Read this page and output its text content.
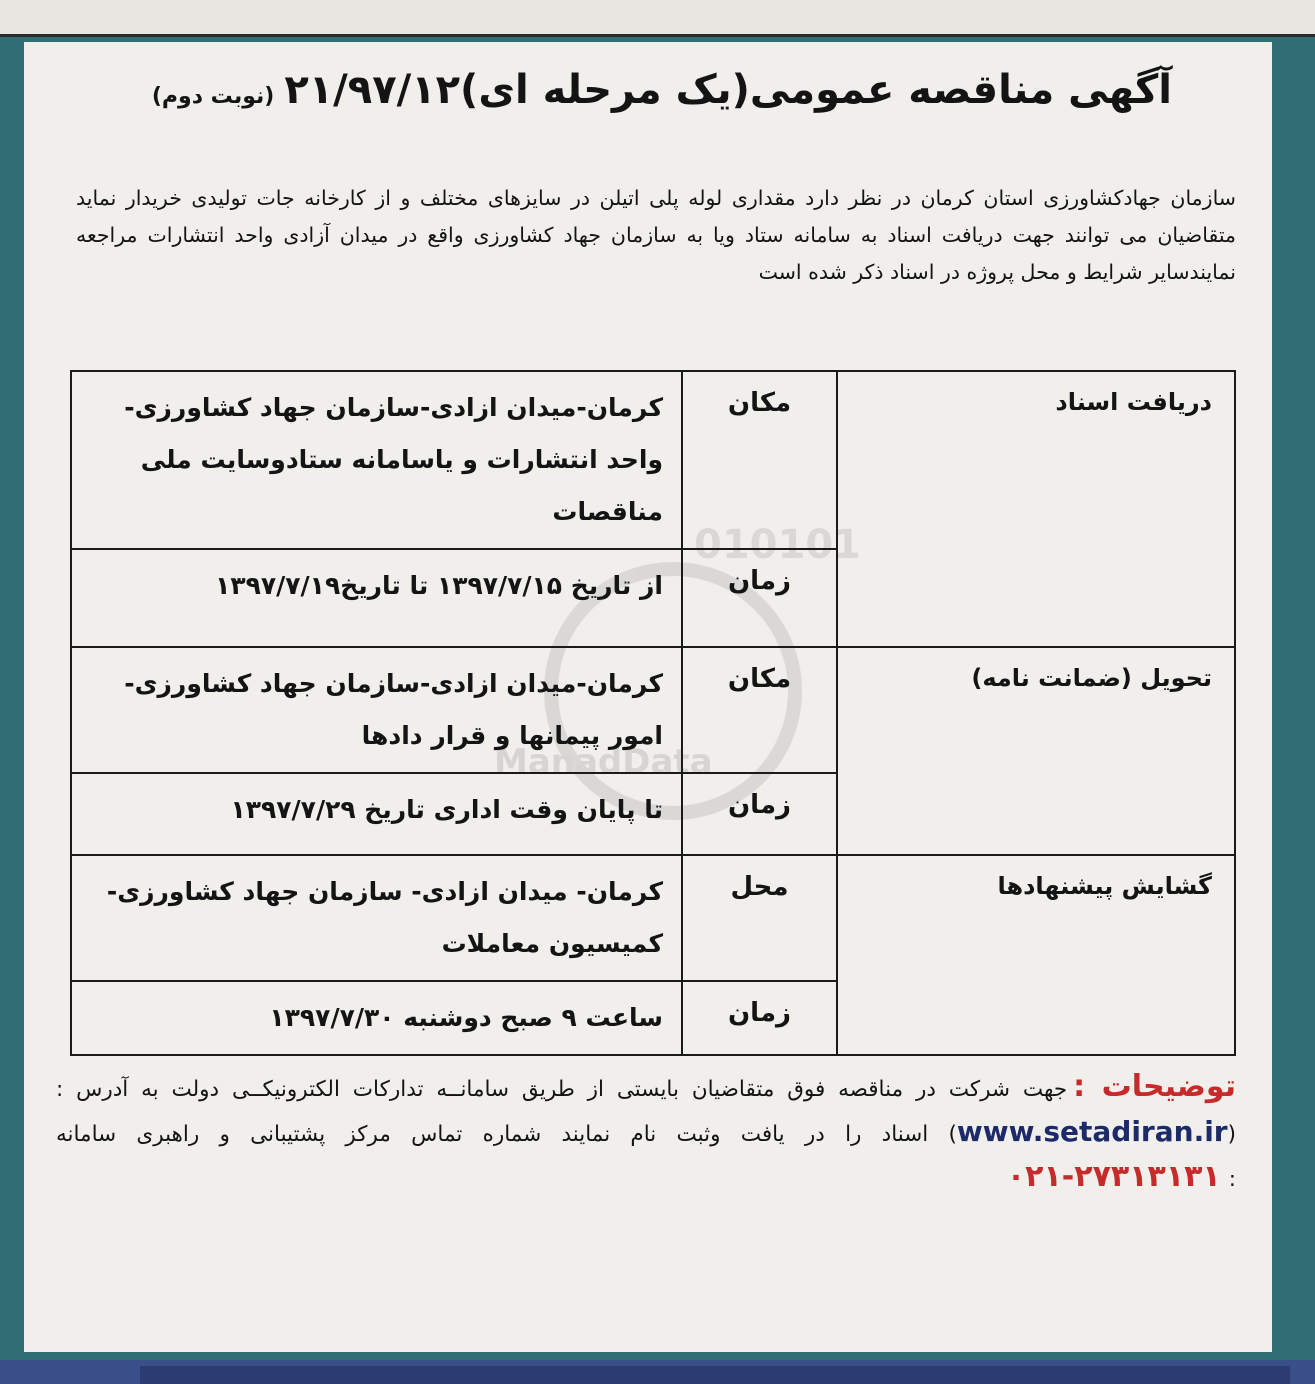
آگهی مناقصه عمومی(یک مرحله ای)۲۱/۹۷/۱۲(نوبت دوم)
سازمان جهادکشاورزی استان کرمان در نظر دارد مقداری لوله پلی اتیلن در سایزهای مختلف و از کارخانه جات تولیدی خریدار نماید متقاضیان می توانند جهت دریافت اسناد به سامانه ستاد ویا به سازمان جهاد کشاورزی واقع در میدان آزادی واحد انتشارات مراجعه نمایندسایر شرایط و محل پروژه در اسناد ذکر شده است
010101
ManadData
دریافت اسناد	مکان	کرمان-میدان ازادی-سازمان جهاد کشاورزی-واحد انتشارات و یاسامانه ستادوسایت ملی مناقصات
	زمان	از تاریخ ۱۳۹۷/۷/۱۵ تا تاریخ۱۳۹۷/۷/۱۹
تحویل (ضمانت نامه)	مکان	کرمان-میدان ازادی-سازمان جهاد کشاورزی-امور پیمانها و قرار دادها
	زمان	تا پایان وقت اداری تاریخ ۱۳۹۷/۷/۲۹
گشایش پیشنهادها	محل	کرمان- میدان ازادی- سازمان جهاد کشاورزی-کمیسیون معاملات
	زمان	ساعت ۹ صبح دوشنبه ۱۳۹۷/۷/۳۰
توضیحات :جهت شرکت در مناقصه فوق متقاضیان بایستی از طریق سامانــه تدارکات الکترونیکــی دولت به آدرس :(www.setadiran.ir) اسناد را در یافت وثبت نام نمایند شماره تماس مرکز پشتیبانی و راهبری سامانه :۰۲۱-۲۷۳۱۳۱۳۱
